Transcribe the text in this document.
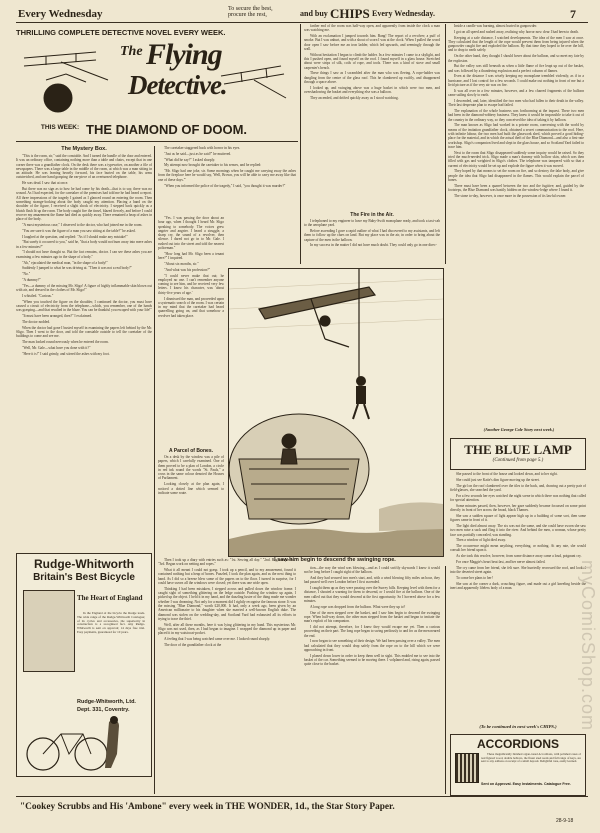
Every Wednesday	To secure the best,
procure the rest,	and buy CHIPS Every Wednesday.	7
THRILLING COMPLETE DETECTIVE NOVEL EVERY WEEK.
The Flying
Detective.
THIS WEEK: THE DIAMOND OF DOOM.
The Mystery Box.

"This is the room, sir," said the constable. And I turned the handle of the door and entered. It was an ordinary office, containing nothing more than a table and chairs, except that in one corner there was a grandfather clock. On the desk there was a typewriter, on another a file of newspapers. There was a large table in the middle of the room, at which was a man sitting in an attitude. He was leaning heavily forward, his face buried on the table, his arms outstretched, and one hand grasping the ear-piece of an overturned telephone.

He was dead. I saw that at once.

But there was no sign as to how he had come by his death—that is to say, there was no wound. As I had expected, for the caretaker of the premises had told me he had heard a report. All three impressions of the tragedy I gained as I glanced round on entering the room. Then something strange-looking about the body caught my attention. Placing a hand on the shoulder of the figure, I received a slight shock of electricity. I stepped back quickly as a bluish flash lit up the room. The body caught fire the tinsel, blazed fiercely, and before I could recover my amazement the flame had died as quickly away. There remained a heap of ashes in place of the body.

"A most mysterious case," I observed to the doctor, who had joined me in the room.

"You are sure it was the figure of a man you saw sitting at the table?" he asked.

I laughed at the question, and replied: "As if I should make any mistake!"

"But surely it occurred to you," said he, "that a body would not burn away into mere ashes in a few minutes?"

"I should not have thought so. But the fact remains, doctor. I can see these ashes you are examining a few minutes ago in the shape of a body."

"Ah," ejaculated the medical man, "in the shape of a body!"

Suddenly I jumped to what he was driving at. "Then it was not a real body?"

"No."

"A dummy?"

"Yes—a dummy of the missing Mr. Sligo! A figure of highly inflammable skin blown out with air, and dressed in the clothes of Mr. Sligo!"

I whistled. "Curious."

"When you touched the figure on the shoulder, I continued the doctor, you must have caused a circuit of electricity from the telephone—which, you remember, one of the hands was grasping—and that resulted in the blaze. You can be thankful you escaped with your life!"

"It must have been arranged, then?" I exclaimed.

The doctor nodded.

When the doctor had gone I busied myself in examining the papers left behind by the Mr. Sligo. Then I went to the door, and told the constable outside to tell the caretaker of the buildings to come and see me.

The man looked round nervously when he entered the room.

"Well, Mr. Gale—what have you done with it?"

"Here it is!" I said grimly, and stirred the ashes with my foot.

Rudge-Whitworth
Britain's Best Bicycle
The Heart of England

In the England of the bicycle the Rudge leads. The wide range of the Rudge-Whitworth Catalogue; of its cycles and accessories, the superiority in construction is a recognised fact. Any Rudge-Whitworth is sent on approval; 14 days free trial. Easy payments, guaranteed for 10 years.

Rudge-Whitworth, Ltd.
Dept. 331, Coventry.

The caretaker staggered back with horror in his eyes.

"Just as he said—just as he said!" he muttered.

"What did he say?" I asked sharply.

My attempt now brought the caretaker to his senses, and he replied:

"Mr. Sligo had one joke, sir. Some mornings when he caught me carrying away the ashes from the fireplace here he would say, 'Well, Brown, you will be able to carry me away like that one of these days.'"

"When you informed the police of the tragedy," I said, "you thought it was murder?"

"Yes. I was passing the door about an hour ago, when I thought I heard Mr. Sligo speaking to somebody. The voices grew angrier and angrier. I heard a struggle, a sharp cry, the sound of a revolver, then silence. I dared not go in to Mr. Gale. I rushed out into the street and told the nearest policeman."

"How long had Mr. Sligo been a tenant here?" I inquired.

"About six months, sir."

"And what was his profession?"

"I could never make that out; he employed no one. I can't remember anyone coming to see him, and he received very few letters. I know his character, was 'about thirty-five years of age.'

I dismissed the man, and proceeded upon a systematic search of the room. I was certain in my mind that the caretaker had heard quarrelling going on, and that somehow a revolver had taken place.

A Parcel of Bones.

On a desk by the window was a pile of papers, which I carefully examined. One of them proved to be a plan of London, a circle in red ink round the words "St. Pauls," a cross in the same colour denoted the Houses of Parliament.

Looking closely at the plan again, I noticed a dotted line which seemed to indicate some route.

Then I took up a diary with entries such as: "1st. Sewing all day." "2nd. Bag completed." "3rd. Began work on netting and ropes."

What it all meant I could not grasp. I took up a pencil, and to my amazement, found it contained nothing but a heap of bones. Puzzled, I took the plan again, and as the next thing to hand. As I did so a breeze blew some of the papers on to the floor. I turned in surprise, for I could have sworn all the windows were closed; yet there was one wide open.

Thinking I had been mistaken, I stepped across and pulled down the window frame. I caught sight of something glittering on the ledge outside. Pushing the window up again, I picked up the object. I held it in my hand, and the dazzling lustre of the thing made me wonder whether I was dreaming. Not only for a moment did I rightly recognise the famous stone. It was the missing "Blue Diamond," worth £20,000. It had, only a week ago, been given by an American millionaire to his daughter when she married a well-known English duke. The diamond was stolen on the wedding-day, and Scotland Yard had exhausted all its efforts in trying to trace the thief.

Well, after all these months, here it was lying glittering in my hand. This mysterious Mr. Sligo was not used, then, as I had begun to imagine. I wrapped the diamond up in paper and placed it in my waistcoat-pocket.

A feeling that I was being watched came over me. I looked round sharply.

The door of the grandfather clock at the

farther end of the room was half-way open, and apparently from inside the clock a man was watching me.

With an exclamation I jumped towards him. Bang! The report of a revolver; a puff of smoke. But I was unhurt, and with a shout of scorn I was at the clock. When I pulled the wood door open I saw before me an iron ladder, which led upwards, and seemingly through the wall.

Without hesitation I began to climb the ladder. In a few minutes I came to a skylight, and this I pushed open, and found myself on the roof. I found myself in a glass house. Stretched about were strips of silk, coils of rope, and tools. There was a kind of stove and small carpenter's bench.

These things I saw as I scrambled after the man who was fleeing. A rope-ladder was dangling from the centre of the glass roof. This he clambered up swiftly, and disappeared through a space above.

I looked up, and swinging above was a huge basket in which were two men, and overshadowing the basket and everything else was a balloon.

They ascended, and drifted quickly away as I stood watching.

The Fire in the Air.

I telephoned to my engineer to have my Baby-Swift monoplane ready, and took a taxi-cab to the aeroplane yard.

Before ascending I gave a rapid outline of what I had discovered to my assistants, and left them to follow up the clues on land. But my place was in the air, in order to bring about the capture of the men in the balloon.

In my success in the matter I did not have much doubt. They could only go in one direc-

Inside a candle was burning, almost buried in gunpowder.

I got on all speed and rushed away, realising why horror now clear I had been to death.

Keeping at a safe distance, I watched developments. The idea of the men I saw at once. They calculated that the length of the rope would prevent them from being injured when the gunpowder caught fire and exploded the balloon. By that time they hoped to be over the hill, and to drop to earth safely.

On the other hand, they thought I should hover about the balloon, and so meet my fate by the explosion.

But the valley was still beneath us when a little flame of fire leapt up out of the basket, and was followed by a thundering explosion and a perfect column of flames.

Even at the distance I was wisely keeping my monoplane trembled violently, as if in a hurricane, and I lost control for a few seconds. I could make out nothing in front of me but a livid picture as if the very air was on fire.

It was all over in a few minutes, however, and a few charred fragments of the balloon came sailing slowly to earth.

I descended, and, later, identified the two men who had fallen to their death in the valley. Their last desperate plan to escape had failed.

The explanation of the whole business was forthcoming at the inquest. These two men had been in the diamond-robbery business. They knew it would be impossible to take it out of the country in the ordinary way, so they conceived the idea of taking it by balloon.

The man known as Sligo had worked in a private room, conversing with the world by means of the imitation grandfather clock, obtained a secret communication to the roof. Here, with infinite labour, the two men had built the glasswork shed, which proved a good hiding-place for the material, and in which the actual theft of the Blue Diamond—and also a first-rate workshop. Sligo's companion lived and slept in the glass house, and so Scotland Yard failed to trace him.

Next to the room that Sligo disappeared suddenly some inquiry would be raised. So they tried the much-needed trick. Sligo made a man's dummy with hollow skin, which was then filled with gas and weighted in Sligo's clothes. The telephone was tampered with so that a current of electricity would be set up and explode the figure when it was moved.

They hoped by that means to set the room on fire, and so destroy the fake body, and give people the idea that Sligo had disappeared in the flames. This would explain the parcel of bones.

There must have been a quarrel between the two and the fugitive; and, guided by the footsteps, the Blue Diamond was hastily hidden on the window-ledge where I found it.

The stone to-day, however, is once more in the possession of its lawful owner.

(Another George Cole Story next week.)
I saw him begin to descend the swinging rope.

tion—the way the wind was blowing—and as I could swiftly skywards I knew it would not be long before I caught sight of the balloon.

And they had secured two men's start, and, with a wind blowing fifty miles an hour, they had passed well over London before I first ascended.

I caught them up as they were passing over the Surrey hills. Keeping level with them for a distance, I shouted a warning for them to descend, or I would fire at the balloon. One of the men called out that they would descend at the first opportunity. So I hovered above for a few minutes.

A long rope was dropped from the balloon. What were they up to?

One of the men stepped over the basket, and I saw him begin to descend the swinging rope. When half-way down, the other man stepped from the basket and began to imitate the man's exploit of his companion.

I did not attempt, therefore, for I knew they would escape me yet. Then a curious proceeding on their part. The long rope began to swing perilously to and fro as the men neared the end.

I now began to see something of their design. We had been passing over a valley. The men had calculated that they would drop safely from the rope on to the hill which we were approaching in front.

I planed down lower in order to keep them well in sight. This enabled me to see into the basket of the car. Something seemed to be moving there. I volplaned and, rising again, passed quite close to the basket.

THE BLUE LAMP
(Continued from page 5.)

She passed to the front of the house and looked down, and to her right.

She could just see Katie's dim figure moving up the street.

The girl on the roof clambered over the tiles to the back, and, drawing out a pretty pair of field-glasses, she searched the yard.

For a few seconds her eyes watched the night scene in which there was nothing that called for special attention.

Some minutes passed, then, however, her gaze suddenly became focussed on some point directly in front of her across the broad, black Thames.

She saw a sudden square of light appear high up in a building of some sort, then some figures came in front of it.

The light died almost away. The six was not the same, and she could have sworn she saw two men raise a sack and fling it into the river. And behind the men, a woman, whose pretty face was partially concealed, was standing.

Then a window of light died away.

The occurrence might mean anything, everything, or nothing. At any rate, she would consult her friend upon it.

As she took this resolve, however, from some distance away came a loud, poignant cry.

For once Maggie's heart beat fast, and her nerve almost failed.

The cry came from her friend, she felt sure. She hurriedly recrossed the roof, and looked into the deserted street again.

To come her plans to her!

She saw at the corner a dark, crouching figure, and made out a girl kneeling beside the inert and apparently lifeless body of a man.

(To be continued in next week's CHIPS.)
ACCORDIONS

These magnificently finished organ-toned Accordions, with polished cases of real figured wood, double bellows, the finest steel reeds and full range of keys, are sent to any address on receipt of a small deposit. Delightful tone, easily learned.

Sent on Approval. Easy Instalments. Catalogue Free.
"Cookey Scrubbs and His 'Ambone" every week in THE WONDER, 1d., the Star Story Paper.
28-9-18
myComicShop.com
